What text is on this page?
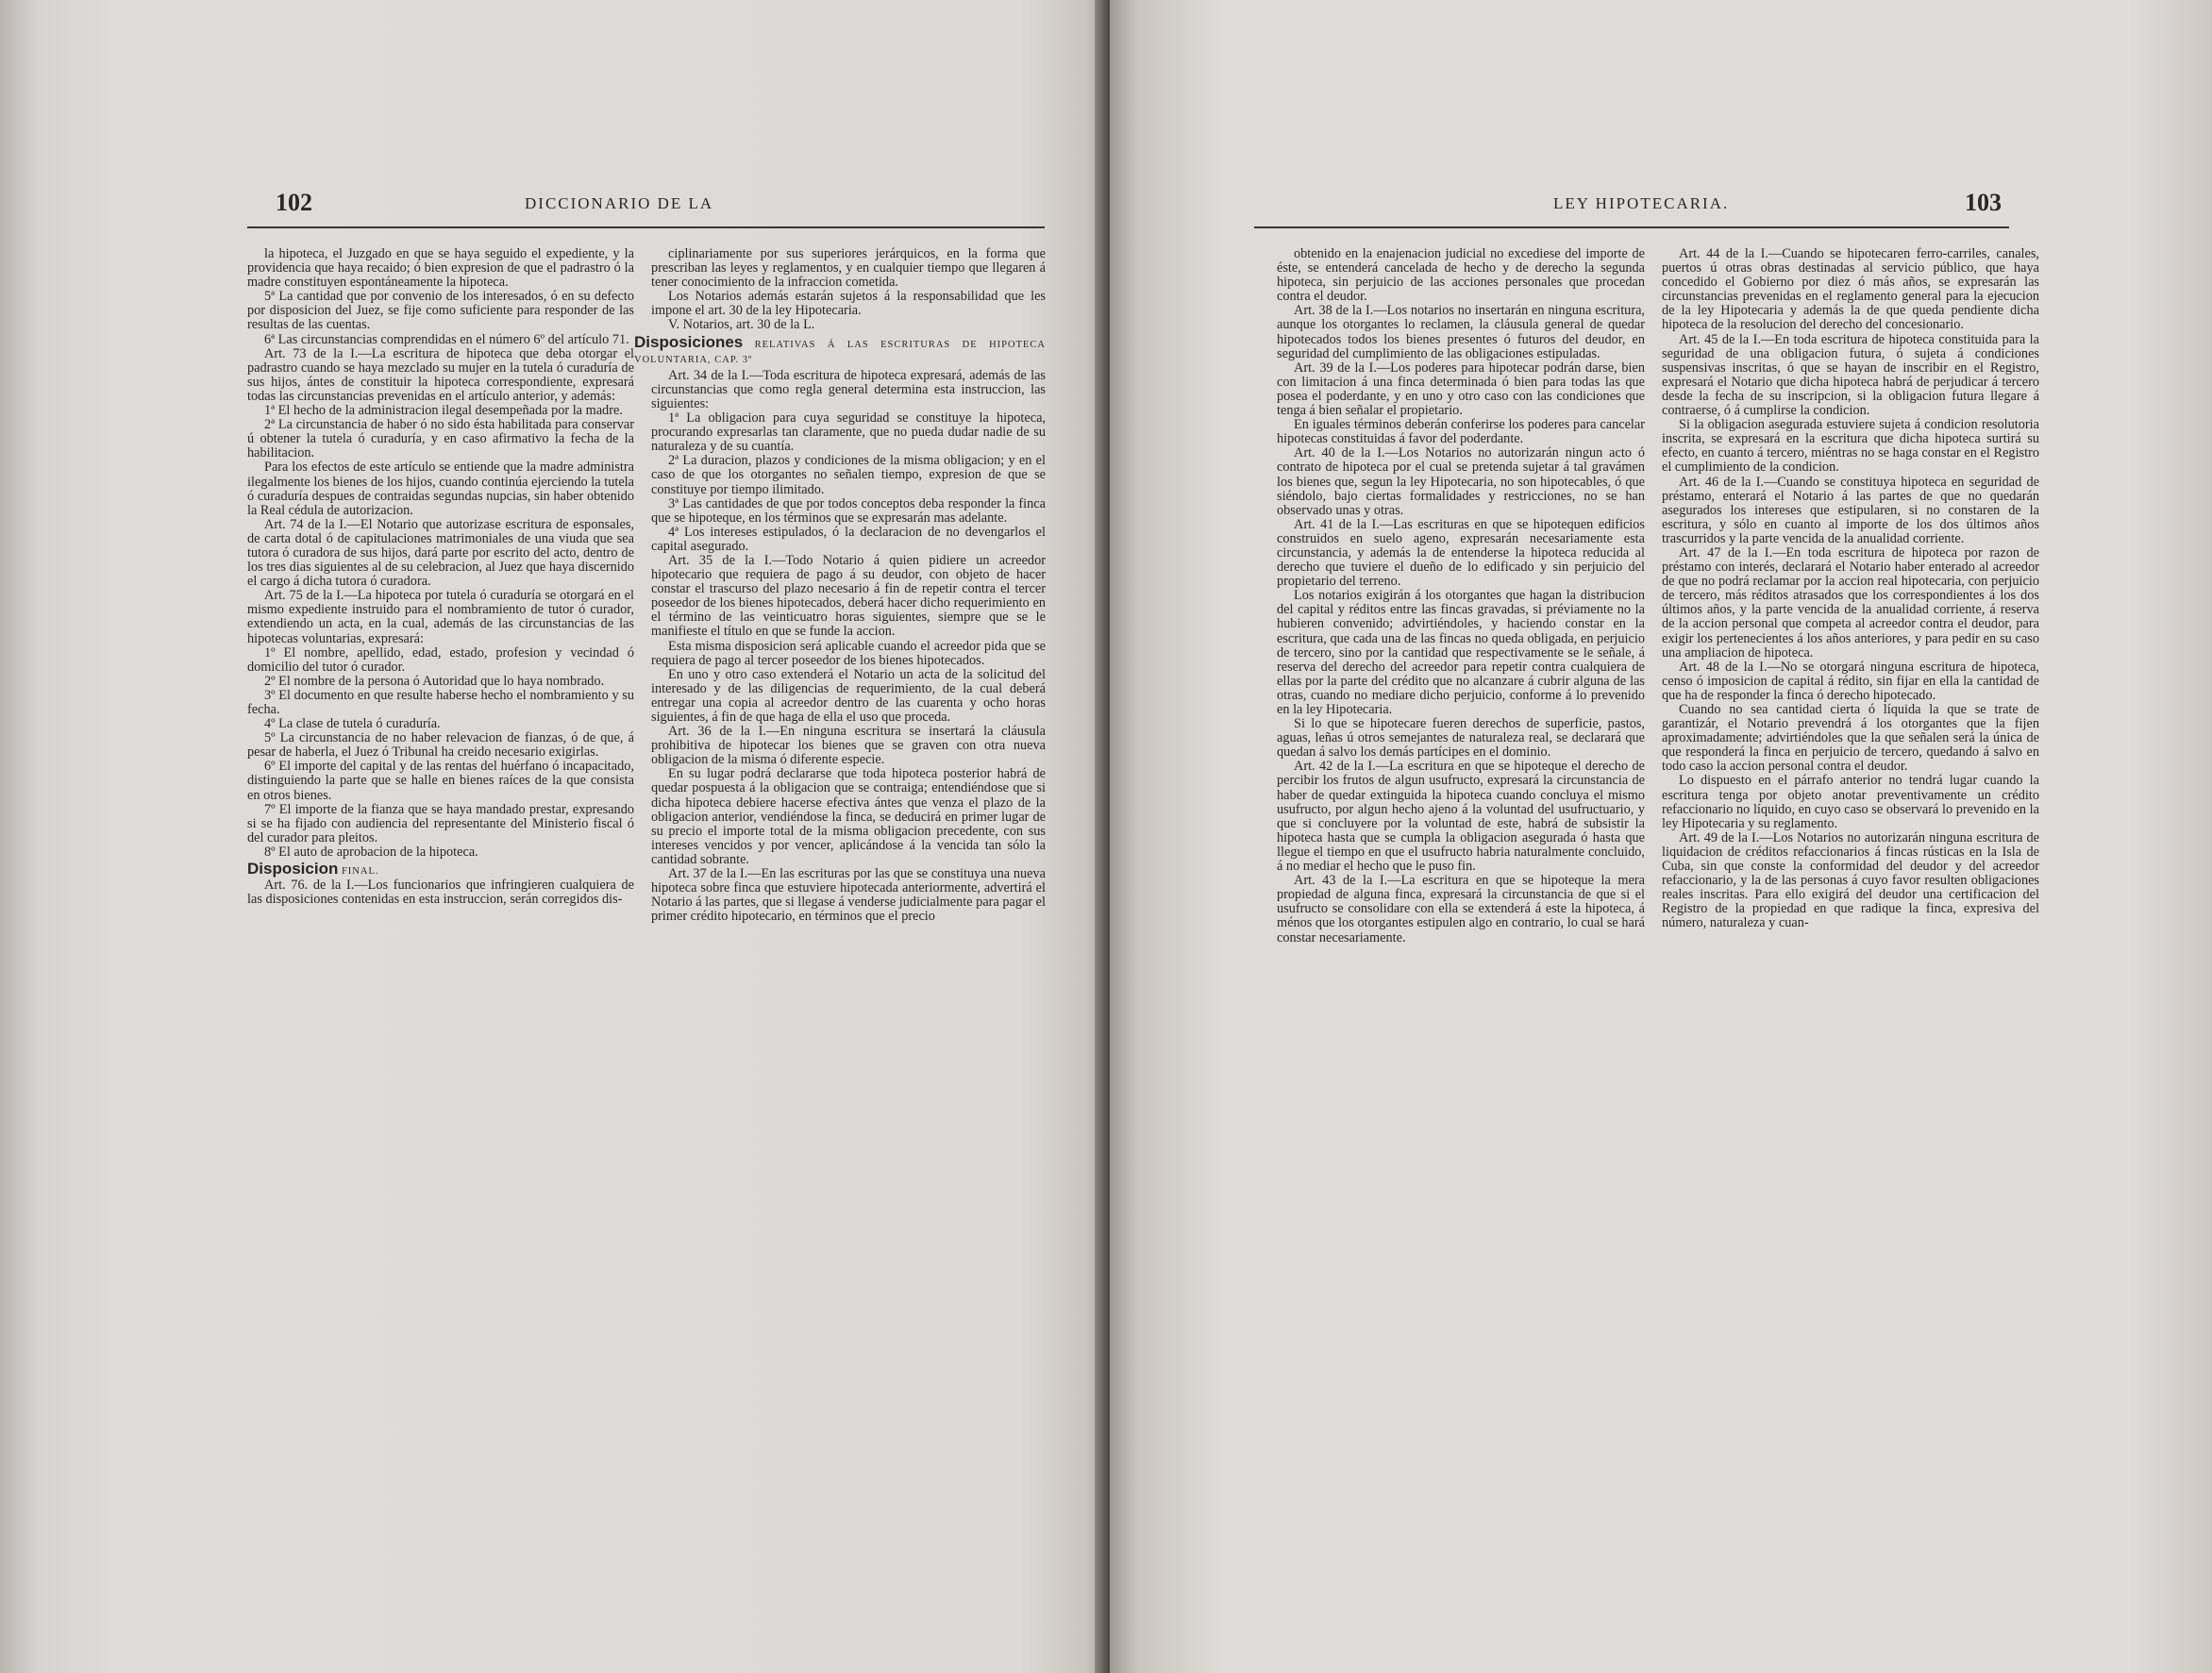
102	DICCIONARIO DE LA

la hipoteca, el Juzgado en que se haya seguido el expediente, y la providencia que haya recaido; ó bien expresion de que el padrastro ó la madre constituyen espontáneamente la hipoteca.

5ª La cantidad que por convenio de los interesados, ó en su defecto por disposicion del Juez, se fije como suficiente para responder de las resultas de las cuentas.

6ª Las circunstancias comprendidas en el número 6º del artículo 71.

Art. 73 de la I.—La escritura de hipoteca que deba otorgar el padrastro cuando se haya mezclado su mujer en la tutela ó curaduría de sus hijos, ántes de constituir la hipoteca correspondiente, expresará todas las circunstancias prevenidas en el artículo anterior, y además:

1ª El hecho de la administracion ilegal desempeñada por la madre.

2ª La circunstancia de haber ó no sido ésta habilitada para conservar ú obtener la tutela ó curaduría, y en caso afirmativo la fecha de la habilitacion.

Para los efectos de este artículo se entiende que la madre administra ilegalmente los bienes de los hijos, cuando continúa ejerciendo la tutela ó curaduría despues de contraidas segundas nupcias, sin haber obtenido la Real cédula de autorizacion.

Art. 74 de la I.—El Notario que autorizase escritura de esponsales, de carta dotal ó de capitulaciones matrimoniales de una viuda que sea tutora ó curadora de sus hijos, dará parte por escrito del acto, dentro de los tres dias siguientes al de su celebracion, al Juez que haya discernido el cargo á dicha tutora ó curadora.

Art. 75 de la I.—La hipoteca por tutela ó curaduría se otorgará en el mismo expediente instruido para el nombramiento de tutor ó curador, extendiendo un acta, en la cual, además de las circunstancias de las hipotecas voluntarias, expresará:

1º El nombre, apellido, edad, estado, profesion y vecindad ó domicilio del tutor ó curador.

2º El nombre de la persona ó Autoridad que lo haya nombrado.

3º El documento en que resulte haberse hecho el nombramiento y su fecha.

4º La clase de tutela ó curaduría.

5º La circunstancia de no haber relevacion de fianzas, ó de que, á pesar de haberla, el Juez ó Tribunal ha creido necesario exigirlas.

6º El importe del capital y de las rentas del huérfano ó incapacitado, distinguiendo la parte que se halle en bienes raíces de la que consista en otros bienes.

7º El importe de la fianza que se haya mandado prestar, expresando si se ha fijado con audiencia del representante del Ministerio fiscal ó del curador para pleitos.

8º El auto de aprobacion de la hipoteca.

Disposicion FINAL.

Art. 76. de la I.—Los funcionarios que infringieren cualquiera de las disposiciones contenidas en esta instruccion, serán corregidos dis-

ciplinariamente por sus superiores jerárquicos, en la forma que prescriban las leyes y reglamentos, y en cualquier tiempo que llegaren á tener conocimiento de la infraccion cometida.

Los Notarios además estarán sujetos á la responsabilidad que les impone el art. 30 de la ley Hipotecaria.

V. Notarios, art. 30 de la L.

Disposiciones RELATIVAS Á LAS ESCRITURAS DE HIPOTECA VOLUNTARIA, CAP. 3º

Art. 34 de la I.—Toda escritura de hipoteca expresará, además de las circunstancias que como regla general determina esta instruccion, las siguientes:

1ª La obligacion para cuya seguridad se constituye la hipoteca, procurando expresarlas tan claramente, que no pueda dudar nadie de su naturaleza y de su cuantía.

2ª La duracion, plazos y condiciones de la misma obligacion; y en el caso de que los otorgantes no señalen tiempo, expresion de que se constituye por tiempo ilimitado.

3ª Las cantidades de que por todos conceptos deba responder la finca que se hipoteque, en los términos que se expresarán mas adelante.

4ª Los intereses estipulados, ó la declaracion de no devengarlos el capital asegurado.

Art. 35 de la I.—Todo Notario á quien pidiere un acreedor hipotecario que requiera de pago á su deudor, con objeto de hacer constar el trascurso del plazo necesario á fin de repetir contra el tercer poseedor de los bienes hipotecados, deberá hacer dicho requerimiento en el término de las veinticuatro horas siguientes, siempre que se le manifieste el título en que se funde la accion.

Esta misma disposicion será aplicable cuando el acreedor pida que se requiera de pago al tercer poseedor de los bienes hipotecados.

En uno y otro caso extenderá el Notario un acta de la solicitud del interesado y de las diligencias de requerimiento, de la cual deberá entregar una copia al acreedor dentro de las cuarenta y ocho horas siguientes, á fin de que haga de ella el uso que proceda.

Art. 36 de la I.—En ninguna escritura se insertará la cláusula prohibitiva de hipotecar los bienes que se graven con otra nueva obligacion de la misma ó diferente especie.

En su lugar podrá declararse que toda hipoteca posterior habrá de quedar pospuesta á la obligacion que se contraiga; entendiéndose que si dicha hipoteca debiere hacerse efectiva ántes que venza el plazo de la obligacion anterior, vendiéndose la finca, se deducirá en primer lugar de su precio el importe total de la misma obligacion precedente, con sus intereses vencidos y por vencer, aplicándose á la vencida tan sólo la cantidad sobrante.

Art. 37 de la I.—En las escrituras por las que se constituya una nueva hipoteca sobre finca que estuviere hipotecada anteriormente, advertirá el Notario á las partes, que si llegase á venderse judicialmente para pagar el primer crédito hipotecario, en términos que el precio

LEY HIPOTECARIA.	103

obtenido en la enajenacion judicial no excediese del importe de éste, se entenderá cancelada de hecho y de derecho la segunda hipoteca, sin perjuicio de las acciones personales que procedan contra el deudor.

Art. 38 de la I.—Los notarios no insertarán en ninguna escritura, aunque los otorgantes lo reclamen, la cláusula general de quedar hipotecados todos los bienes presentes ó futuros del deudor, en seguridad del cumplimiento de las obligaciones estipuladas.

Art. 39 de la I.—Los poderes para hipotecar podrán darse, bien con limitacion á una finca determinada ó bien para todas las que posea el poderdante, y en uno y otro caso con las condiciones que tenga á bien señalar el propietario.

En iguales términos deberán conferirse los poderes para cancelar hipotecas constituidas á favor del poderdante.

Art. 40 de la I.—Los Notarios no autorizarán ningun acto ó contrato de hipoteca por el cual se pretenda sujetar á tal gravámen los bienes que, segun la ley Hipotecaria, no son hipotecables, ó que siéndolo, bajo ciertas formalidades y restricciones, no se han observado unas y otras.

Art. 41 de la I.—Las escrituras en que se hipotequen edificios construidos en suelo ageno, expresarán necesariamente esta circunstancia, y además la de entenderse la hipoteca reducida al derecho que tuviere el dueño de lo edificado y sin perjuicio del propietario del terreno.

Los notarios exigirán á los otorgantes que hagan la distribucion del capital y réditos entre las fincas gravadas, si préviamente no la hubieren convenido; advirtiéndoles, y haciendo constar en la escritura, que cada una de las fincas no queda obligada, en perjuicio de tercero, sino por la cantidad que respectivamente se le señale, á reserva del derecho del acreedor para repetir contra cualquiera de ellas por la parte del crédito que no alcanzare á cubrir alguna de las otras, cuando no mediare dicho perjuicio, conforme á lo prevenido en la ley Hipotecaria.

Si lo que se hipotecare fueren derechos de superficie, pastos, aguas, leñas ú otros semejantes de naturaleza real, se declarará que quedan á salvo los demás partícipes en el dominio.

Art. 42 de la I.—La escritura en que se hipoteque el derecho de percibir los frutos de algun usufructo, expresará la circunstancia de haber de quedar extinguida la hipoteca cuando concluya el mismo usufructo, por algun hecho ajeno á la voluntad del usufructuario, y que si concluyere por la voluntad de este, habrá de subsistir la hipoteca hasta que se cumpla la obligacion asegurada ó hasta que llegue el tiempo en que el usufructo habria naturalmente concluido, á no mediar el hecho que le puso fin.

Art. 43 de la I.—La escritura en que se hipoteque la mera propiedad de alguna finca, expresará la circunstancia de que si el usufructo se consolidare con ella se extenderá á este la hipoteca, á ménos que los otorgantes estipulen algo en contrario, lo cual se hará constar necesariamente.

Art. 44 de la I.—Cuando se hipotecaren ferro-carriles, canales, puertos ú otras obras destinadas al servicio público, que haya concedido el Gobierno por diez ó más años, se expresarán las circunstancias prevenidas en el reglamento general para la ejecucion de la ley Hipotecaria y además la de que queda pendiente dicha hipoteca de la resolucion del derecho del concesionario.

Art. 45 de la I.—En toda escritura de hipoteca constituida para la seguridad de una obligacion futura, ó sujeta á condiciones suspensivas inscritas, ó que se hayan de inscribir en el Registro, expresará el Notario que dicha hipoteca habrá de perjudicar á tercero desde la fecha de su inscripcion, si la obligacion futura llegare á contraerse, ó á cumplirse la condicion.

Si la obligacion asegurada estuviere sujeta á condicion resolutoria inscrita, se expresará en la escritura que dicha hipoteca surtirá su efecto, en cuanto á tercero, miéntras no se haga constar en el Registro el cumplimiento de la condicion.

Art. 46 de la I.—Cuando se constituya hipoteca en seguridad de préstamo, enterará el Notario á las partes de que no quedarán asegurados los intereses que estipularen, si no constaren de la escritura, y sólo en cuanto al importe de los dos últimos años trascurridos y la parte vencida de la anualidad corriente.

Art. 47 de la I.—En toda escritura de hipoteca por razon de préstamo con interés, declarará el Notario haber enterado al acreedor de que no podrá reclamar por la accion real hipotecaria, con perjuicio de tercero, más réditos atrasados que los correspondientes á los dos últimos años, y la parte vencida de la anualidad corriente, á reserva de la accion personal que competa al acreedor contra el deudor, para exigir los pertenecientes á los años anteriores, y para pedir en su caso una ampliacion de hipoteca.

Art. 48 de la I.—No se otorgará ninguna escritura de hipoteca, censo ó imposicion de capital á rédito, sin fijar en ella la cantidad de que ha de responder la finca ó derecho hipotecado.

Cuando no sea cantidad cierta ó líquida la que se trate de garantizár, el Notario prevendrá á los otorgantes que la fijen aproximadamente; advirtiéndoles que la que señalen será la única de que responderá la finca en perjuicio de tercero, quedando á salvo en todo caso la accion personal contra el deudor.

Lo dispuesto en el párrafo anterior no tendrá lugar cuando la escritura tenga por objeto anotar preventivamente un crédito refaccionario no líquido, en cuyo caso se observará lo prevenido en la ley Hipotecaria y su reglamento.

Art. 49 de la I.—Los Notarios no autorizarán ninguna escritura de liquidacion de créditos refaccionarios á fincas rústicas en la Isla de Cuba, sin que conste la conformidad del deudor y del acreedor refaccionario, y la de las personas á cuyo favor resulten obligaciones reales inscritas. Para ello exigirá del deudor una certificacion del Registro de la propiedad en que radique la finca, expresiva del número, naturaleza y cuan-
